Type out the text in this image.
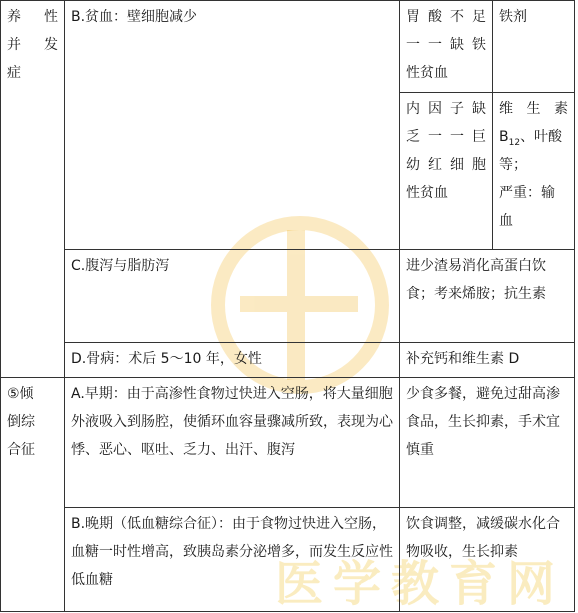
医学教育网
养　性
并　发
症	B.贫血：壁细胞减少	胃酸不足
一一缺铁
性贫血	铁剂

		内因子缺
乏一一巨
幼红细胞
性贫血	维 生 素
$B_{12}$、叶酸
等；
严重：输
血

	C.腹泻与脂肪泻	进少渣易消化高蛋白饮食；考来烯胺；抗生素	
	D.骨病：术后 5～10 年，女性	补充钙和维生素 D	

⑤倾
倒综
合征	A.早期：由于高渗性食物过快进入空肠，将大量细胞外液吸入到肠腔，使循环血容量骤减所致，表现为心悸、恶心、呕吐、乏力、出汗、腹泻	少食多餐，避免过甜高渗食品，生长抑素，手术宜慎重	
	B.晚期（低血糖综合征）：由于食物过快进入空肠，血糖一时性增高，致胰岛素分泌增多，而发生反应性低血糖	饮食调整，减缓碳水化合物吸收，生长抑素	
